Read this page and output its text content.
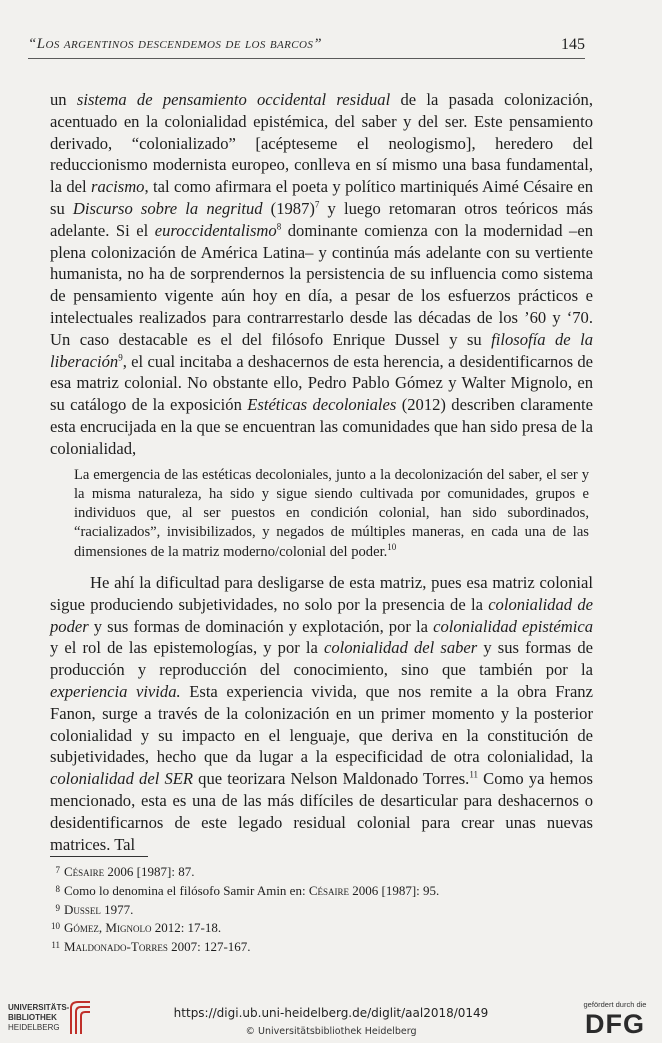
“Los argentinos descendemos de los barcos”	145

un sistema de pensamiento occidental residual de la pasada colonización, acentuado en la colonialidad epistémica, del saber y del ser. Este pensamiento derivado, “colonializado” [acépteseme el neologismo], heredero del reduccionismo modernista europeo, conlleva en sí mismo una basa fundamental, la del racismo, tal como afirmara el poeta y político martiniqués Aimé Césaire en su Discurso sobre la negritud $(1987)^7$ y luego retomaran otros teóricos más adelante. Si el euroccidentalismo$^8$ dominante comienza con la modernidad –en plena colonización de América Latina– y continúa más adelante con su vertiente humanista, no ha de sorprendernos la persistencia de su influencia como sistema de pensamiento vigente aún hoy en día, a pesar de los esfuerzos prácticos e intelectuales realizados para contrarrestarlo desde las décadas de los ’60 y ‘70. Un caso destacable es el del filósofo Enrique Dussel y su filosofía de la liberación$^9$, el cual incitaba a deshacernos de esta herencia, a desidentificarnos de esa matriz colonial. No obstante ello, Pedro Pablo Gómez y Walter Mignolo, en su catálogo de la exposición Estéticas decoloniales (2012) describen claramente esta encrucijada en la que se encuentran las comunidades que han sido presa de la colonialidad,

La emergencia de las estéticas decoloniales, junto a la decolonización del saber, el ser y la misma naturaleza, ha sido y sigue siendo cultivada por comunidades, grupos e individuos que, al ser puestos en condición colonial, han sido subordinados, “racializados”, invisibilizados, y negados de múltiples maneras, en cada una de las dimensiones de la matriz moderno/colonial del poder.$^{10}$

He ahí la dificultad para desligarse de esta matriz, pues esa matriz colonial sigue produciendo subjetividades, no solo por la presencia de la colonialidad de poder y sus formas de dominación y explotación, por la colonialidad epistémica y el rol de las epistemologías, y por la colonialidad del saber y sus formas de producción y reproducción del conocimiento, sino que también por la experiencia vivida. Esta experiencia vivida, que nos remite a la obra Franz Fanon, surge a través de la colonización en un primer momento y la posterior colonialidad y su impacto en el lenguaje, que deriva en la constitución de subjetividades, hecho que da lugar a la especificidad de otra colonialidad, la colonialidad del SER que teorizara Nelson Maldonado Torres.$^{11}$ Como ya hemos mencionado, esta es una de las más difíciles de desarticular para deshacernos o desidentificarnos de este legado residual colonial para crear unas nuevas matrices. Tal

7 Césaire 2006 [1987]: 87.
8 Como lo denomina el filósofo Samir Amin en: Césaire 2006 [1987]: 95.
9 Dussel 1977.
10 Gómez, Mignolo 2012: 17-18.
11 Maldonado-Torres 2007: 127-167.
UNIVERSITÄTS-
BIBLIOTHEK
HEIDELBERG
https://digi.ub.uni-heidelberg.de/diglit/aal2018/0149
© Universitätsbibliothek Heidelberg
gefördert durch die
DFG
